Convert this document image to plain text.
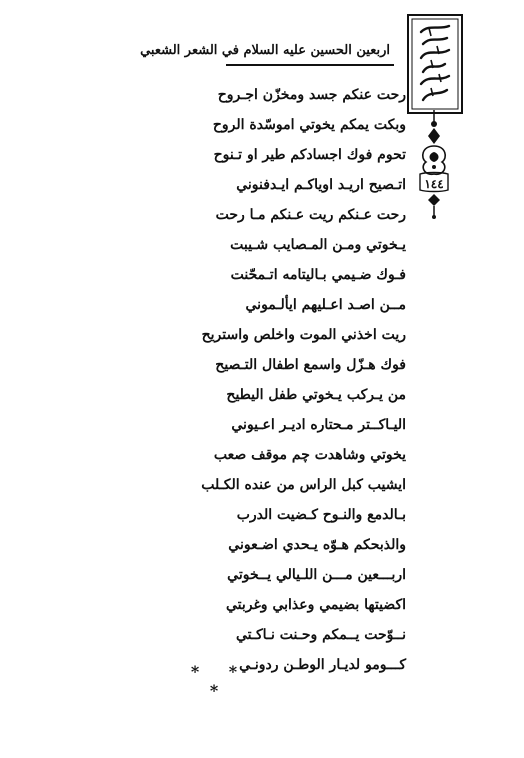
اربعين الحسين عليه السلام في الشعر الشعبي
١٤٤
رحت عنكم جسد ومخزّن اجـروح
وبكت يمكم يخوتي اموسّدة الروح
تحوم فوك اجسادكم طير او تـنوح
اتـصيح اريـد اوياكـم ايـدفنوني
رحت عـنكم ريت عـنكم مـا رحت
يـخوتي ومـن المـصايب شـيبت
فـوك ضـيمي بـاليتامه اتـمحّنت
مــن اصـد اعـليهم ايألـموني
ريت اخذني الموت واخلص واستريح
فوك هـزّل واسمع اطفال التـصيح
من يـركب يـخوتي طفل اليطيح
اليـاكــتر مـحتاره اديـر اعـيوني
يخوتي وشاهدت چم موقف صعب
ايشيب كبل الراس من عنده الكـلب
بـالدمع والنـوح كـضيت الدرب
والذبحكم هـوّه يـحدي اضـعوني
اربـــعين مـــن اللـيالي يــخوتي
اكضيتها بضيمي وعذابي وغربتي
نــوّحت يــمكم وحـنت نـاكـتي
كـــومو لديـار الوطـن ردونـي
* * *
